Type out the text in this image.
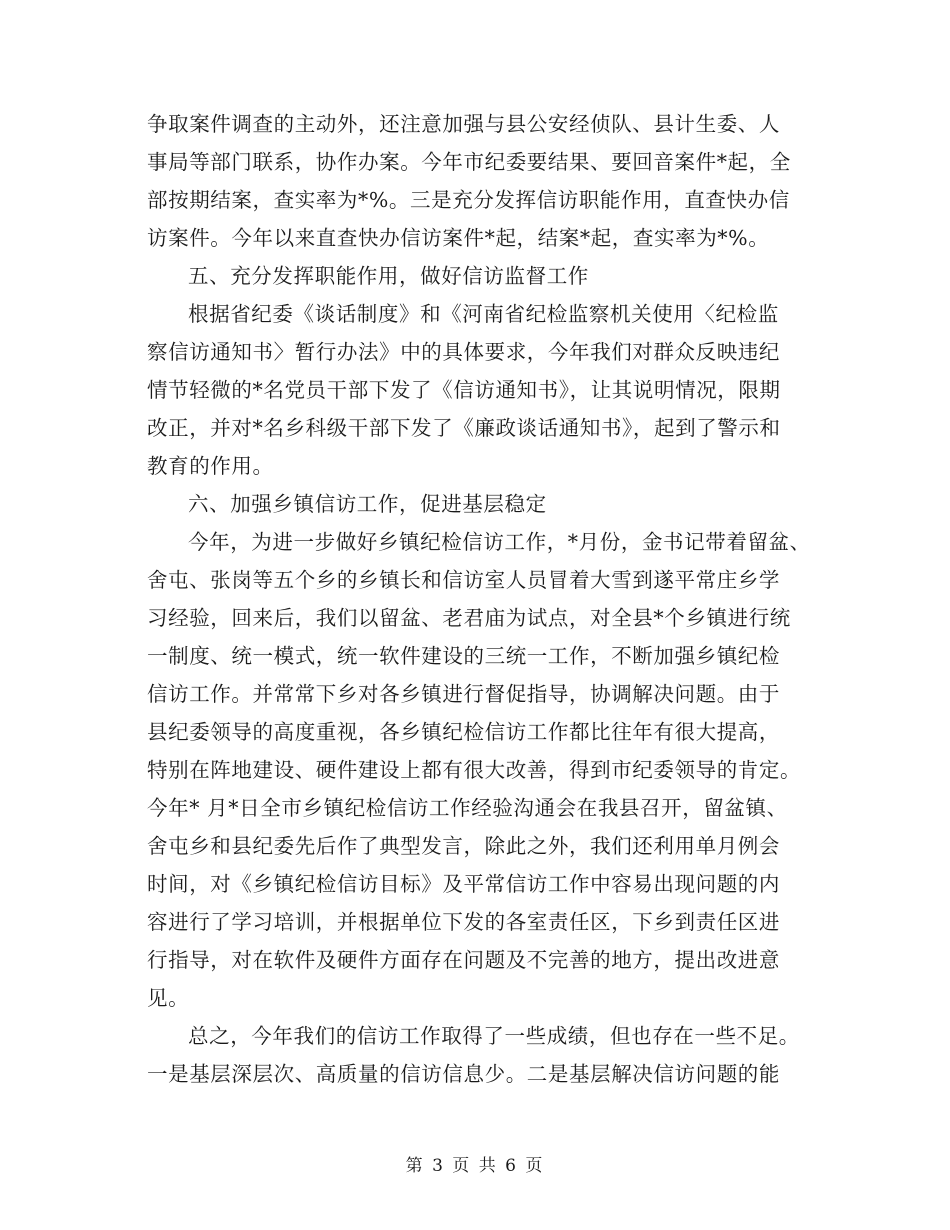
争取案件调查的主动外，还注意加强与县公安经侦队、县计生委、人
事局等部门联系，协作办案。今年市纪委要结果、要回音案件*起，全
部按期结案，查实率为*%。三是充分发挥信访职能作用，直查快办信
访案件。今年以来直查快办信访案件*起，结案*起，查实率为*%。
五、充分发挥职能作用，做好信访监督工作
根据省纪委《谈话制度》和《河南省纪检监察机关使用〈纪检监
察信访通知书〉暂行办法》中的具体要求，今年我们对群众反映违纪
情节轻微的*名党员干部下发了《信访通知书》，让其说明情况，限期
改正，并对*名乡科级干部下发了《廉政谈话通知书》，起到了警示和
教育的作用。
六、加强乡镇信访工作，促进基层稳定
今年，为进一步做好乡镇纪检信访工作，*月份，金书记带着留盆、
舍屯、张岗等五个乡的乡镇长和信访室人员冒着大雪到遂平常庄乡学
习经验，回来后，我们以留盆、老君庙为试点，对全县*个乡镇进行统
一制度、统一模式，统一软件建设的三统一工作，不断加强乡镇纪检
信访工作。并常常下乡对各乡镇进行督促指导，协调解决问题。由于
县纪委领导的高度重视，各乡镇纪检信访工作都比往年有很大提高，
特别在阵地建设、硬件建设上都有很大改善，得到市纪委领导的肯定。
今年* 月*日全市乡镇纪检信访工作经验沟通会在我县召开，留盆镇、
舍屯乡和县纪委先后作了典型发言，除此之外，我们还利用单月例会
时间，对《乡镇纪检信访目标》及平常信访工作中容易出现问题的内
容进行了学习培训，并根据单位下发的各室责任区，下乡到责任区进
行指导，对在软件及硬件方面存在问题及不完善的地方，提出改进意
见。
总之，今年我们的信访工作取得了一些成绩，但也存在一些不足。
一是基层深层次、高质量的信访信息少。二是基层解决信访问题的能
第 3 页 共 6 页
